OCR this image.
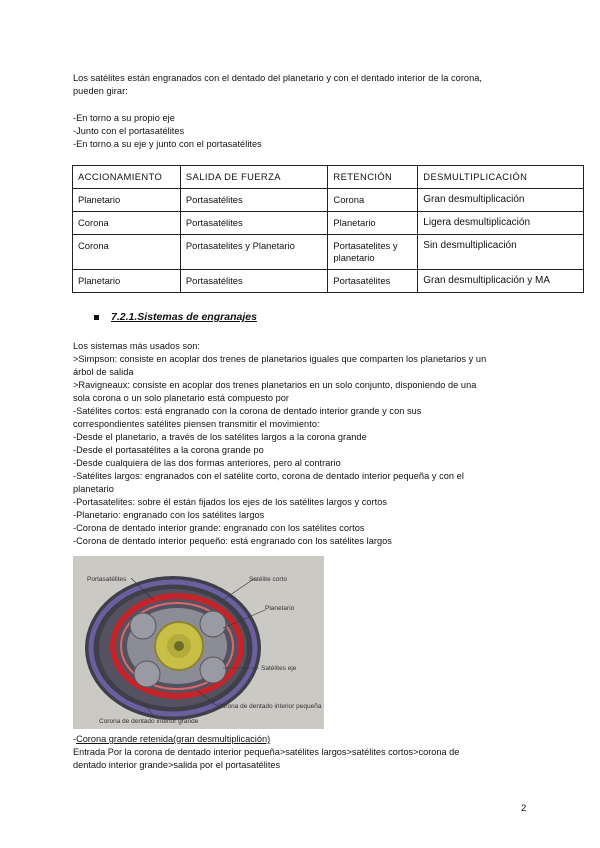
Los satélites están engranados con el dentado del planetario y con el dentado interior de la corona,

pueden girar:

-En torno a su propio eje

-Junto con el portasatélites

-En torno a su eje y junto con el portasatélites

ACCIONAMIENTO	SALIDA DE FUERZA	RETENCIÓN	DESMULTIPLICACIÓN
Planetario	Portasatélites	Corona	Gran desmultiplicación
Corona	Portasatélites	Planetario	Ligera desmultiplicación
Corona	Portasatelites y Planetario	Portasatelites y planetario	Sin desmultiplicación
Planetario	Portasatélites	Portasatélites	Gran desmultiplicación y MA
7.2.1.Sistemas de engranajes

Los sistemas más usados son:

>Simpson: consiste en acoplar dos trenes de planetarios iguales que comparten los planetarios y un

árbol de salida

>Ravigneaux: consiste en acoplar dos trenes planetarios en un solo conjunto, disponiendo de una

sola corona o un solo planetario está compuesto por

-Satélites cortos: está engranado con la corona de dentado interior grande y con sus

correspondientes satélites piensen transmitir el movimiento:

-Desde el planetario, a través de los satélites largos a la corona grande

-Desde el portasatélites a la corona grande po

-Desde cualquiera de las dos formas anteriores, pero al contrario

-Satélites largos: engranados con el satélite corto, corona de dentado interior pequeña y con el

planetario

-Portasatelites: sobre él están fijados los ejes de los satélites largos y cortos

-Planetario: engranado con los satélites largos

-Corona de dentado interior grande: engranado con los satélites cortos

-Corona de dentado interior pequeño: está engranado con los satélites largos

Portasatélites	Satélite corto
Planetario
Satélites eje
Corona de dentado interior pequeña
Corona de dentado interior grande
-Corona grande retenida(gran desmultiplicación)
Entrada Por la corona de dentado interior pequeña>satélites largos>satélites cortos>corona de
dentado interior grande>salida por el portasatélites
2
